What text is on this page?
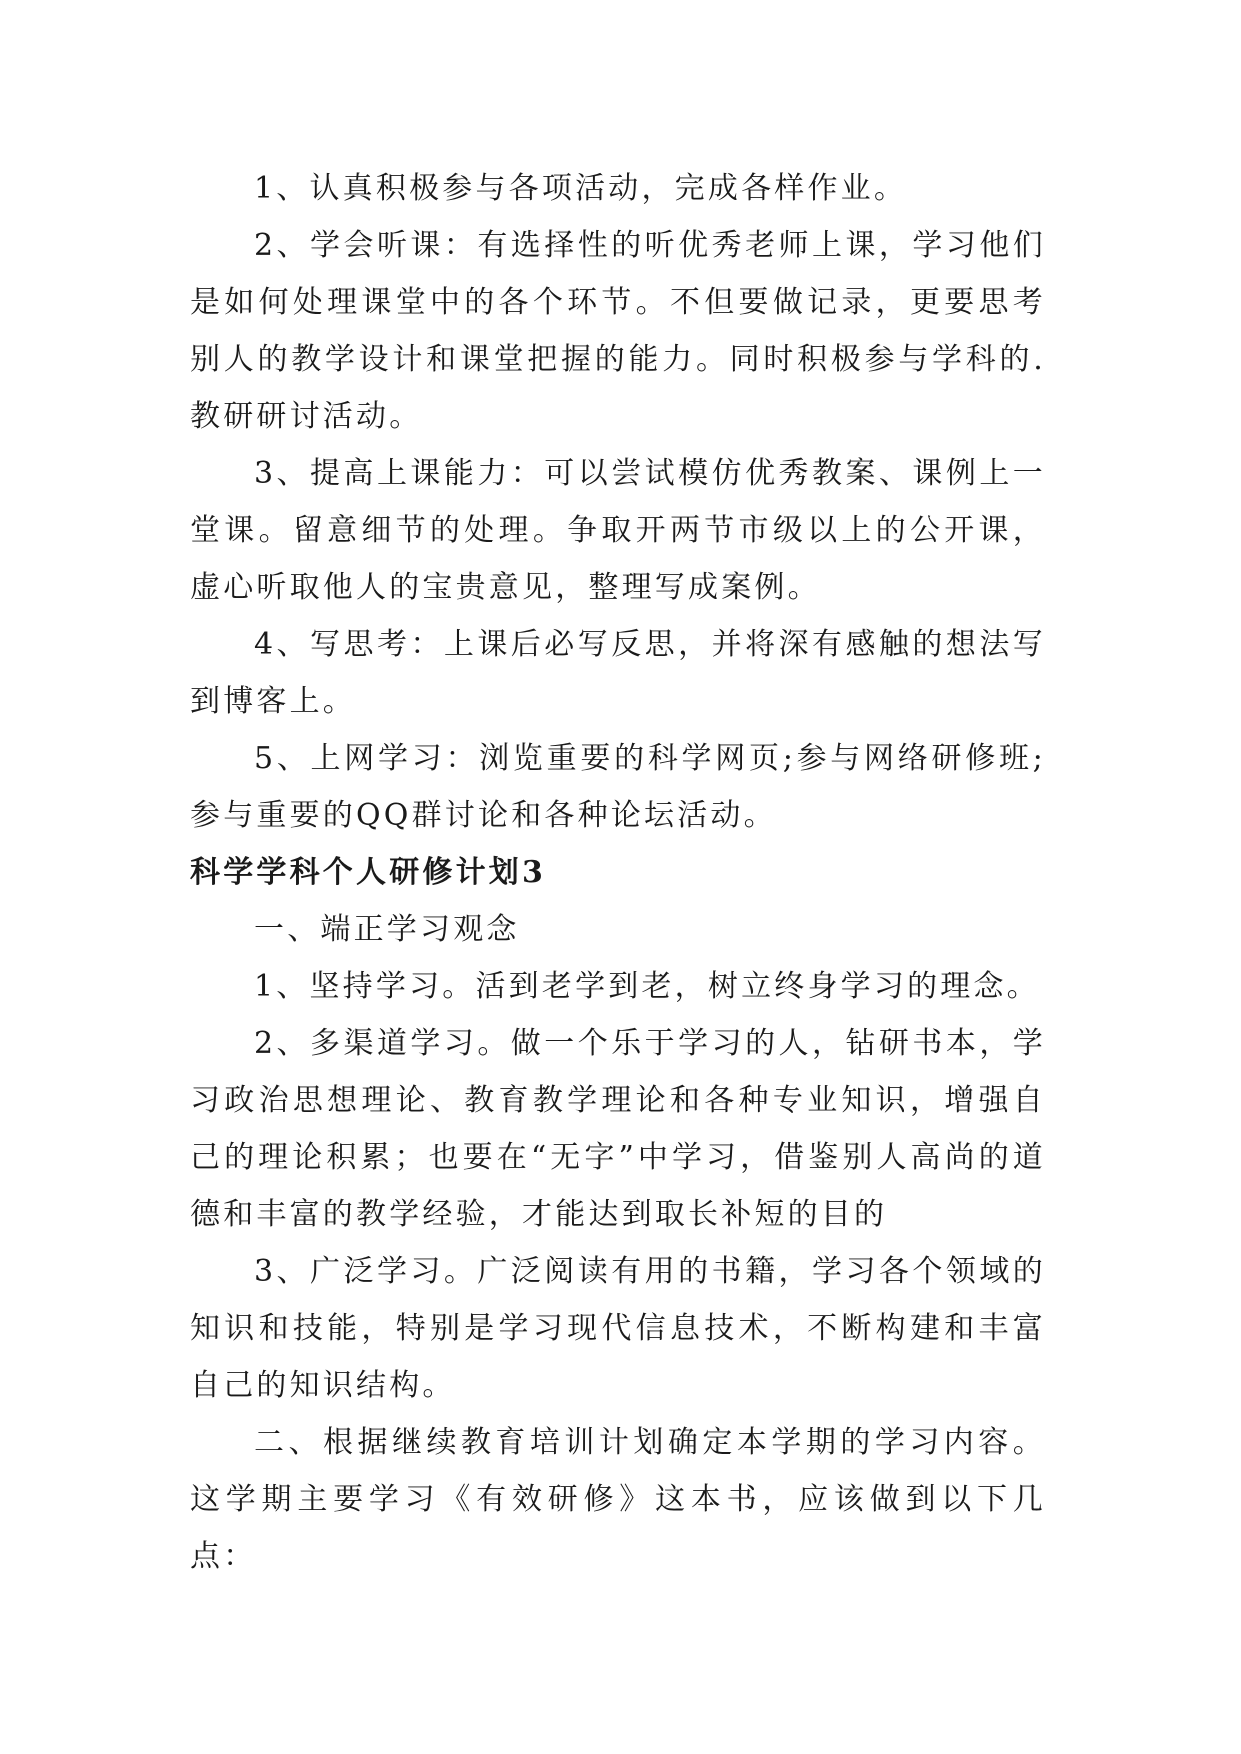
1、认真积极参与各项活动，完成各样作业。

2、学会听课：有选择性的听优秀老师上课，学习他们是如何处理课堂中的各个环节。不但要做记录，更要思考别人的教学设计和课堂把握的能力。同时积极参与学科的.教研研讨活动。

3、提高上课能力：可以尝试模仿优秀教案、课例上一堂课。留意细节的处理。争取开两节市级以上的公开课，虚心听取他人的宝贵意见，整理写成案例。

4、写思考：上课后必写反思，并将深有感触的想法写到博客上。

5、上网学习：浏览重要的科学网页;参与网络研修班;参与重要的QQ群讨论和各种论坛活动。

科学学科个人研修计划3

一、端正学习观念

1、坚持学习。活到老学到老，树立终身学习的理念。

2、多渠道学习。做一个乐于学习的人，钻研书本，学习政治思想理论、教育教学理论和各种专业知识，增强自己的理论积累；也要在“无字”中学习，借鉴别人高尚的道德和丰富的教学经验，才能达到取长补短的目的

3、广泛学习。广泛阅读有用的书籍，学习各个领域的知识和技能，特别是学习现代信息技术，不断构建和丰富自己的知识结构。

二、根据继续教育培训计划确定本学期的学习内容。这学期主要学习《有效研修》这本书，应该做到以下几点：
